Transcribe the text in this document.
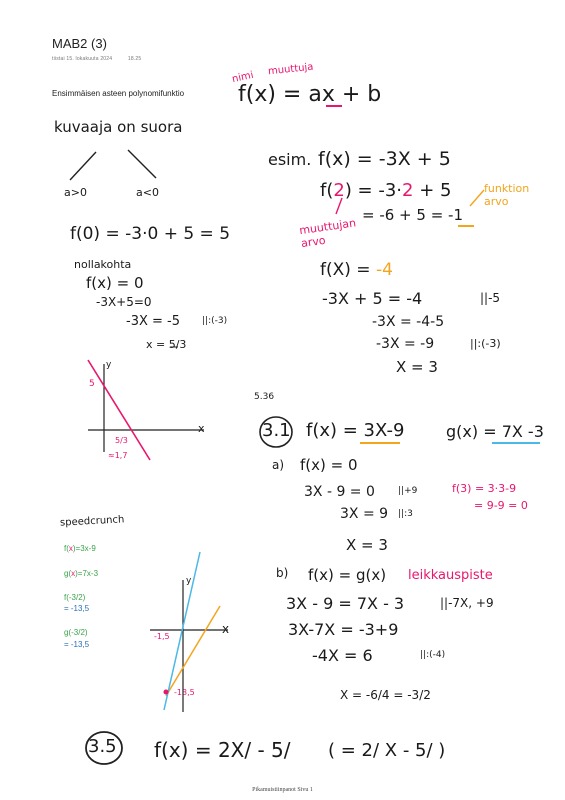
MAB2 (3)
tiistai 15. lokakuuta 2024	18.25
Ensimmäisen asteen polynomifunktio
nimi
muuttuja
f(x) = ax + b
kuvaaja on suora
a>0	a<0
f(0) = -3·0 + 5 = 5
nollakohta
f(x) = 0
-3X+5=0
-3X = -5 ||:(-3)
x = 5/3
esim. f(x) = -3X + 5
f(2) = -3·2 + 5
= -6 + 5 = -1
funktion arvo
muuttujan arvo
f(X) = -4
-3X + 5 = -4	||-5
-3X = -4-5
-3X = -9	||:(-3)
X = 3
y
x
5
5/3
≈1,7
5.36
3.1 f(x) = 3X-9	g(x) = 7X -3
a) f(x) = 0
3X - 9 = 0	||+9
3X = 9 ||:3
X = 3
f(3) = 3·3-9
= 9-9 = 0
b) f(x) = g(x) leikkauspiste
3X - 9 = 7X - 3	||-7X, +9
3X-7X = -3+9
-4X = 6	||:(-4)
X = -6/4 = -3/2
speedcrunch
f(x)=3x-9
g(x)=7x-3
f(-3/2)
= -13,5
g(-3/2)
= -13,5
y
x
-1,5
-13,5
3.5 f(x) = 2X/ - 5/ ( = 2/ X - 5/ )
Pikamuistiinpanot Sivu 1
